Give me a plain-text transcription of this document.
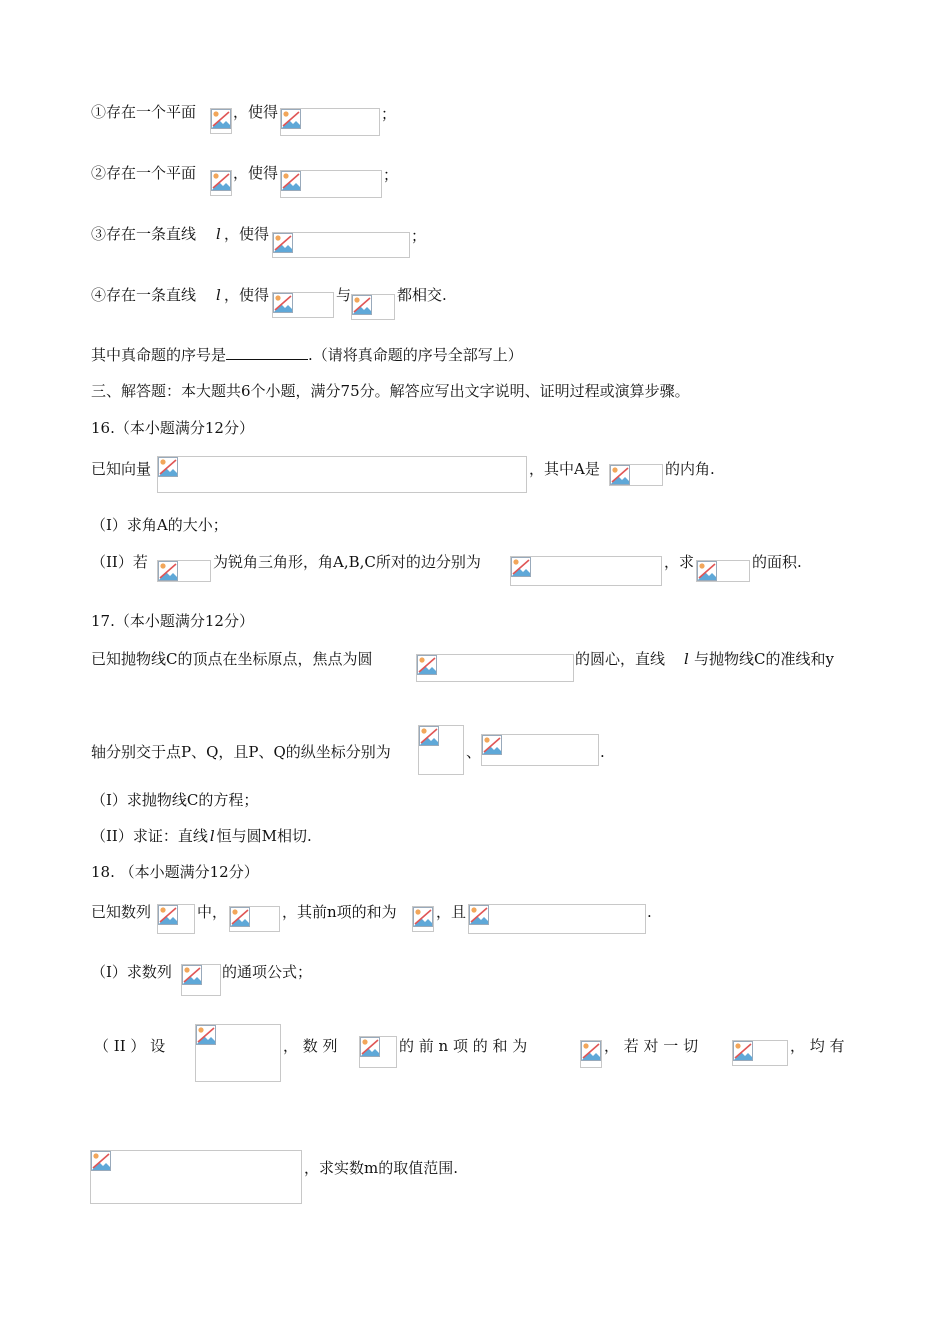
①存在一个平面 ，使得	；
②存在一个平面 ，使得	；
③存在一条直线 l ，使得	；
④存在一条直线 l ，使得	与	都相交.
其中真命题的序号是	.（请将真命题的序号全部写上）
三、解答题：本大题共6个小题，满分75分。解答应写出文字说明、证明过程或演算步骤。
16.（本小题满分12分）
已知向量	，其中A是	的内角.
（I）求角A的大小；
（II）若	为锐角三角形，角A,B,C所对的边分别为	，求	的面积.
17.（本小题满分12分）
已知抛物线C的顶点在坐标原点，焦点为圆	的圆心，直线 l 与抛物线C的准线和y
轴分别交于点P、Q，且P、Q的纵坐标分别为	、	.
（I）求抛物线C的方程；
（II）求证：直线 l 恒与圆M相切.
18. （本小题满分12分）
已知数列	中，	，其前n项的和为	，且	.
（I）求数列	的通项公式；
（ II ） 设	， 数 列	的 前 n 项 的 和 为	， 若 对 一 切	， 均 有
，求实数m的取值范围.
